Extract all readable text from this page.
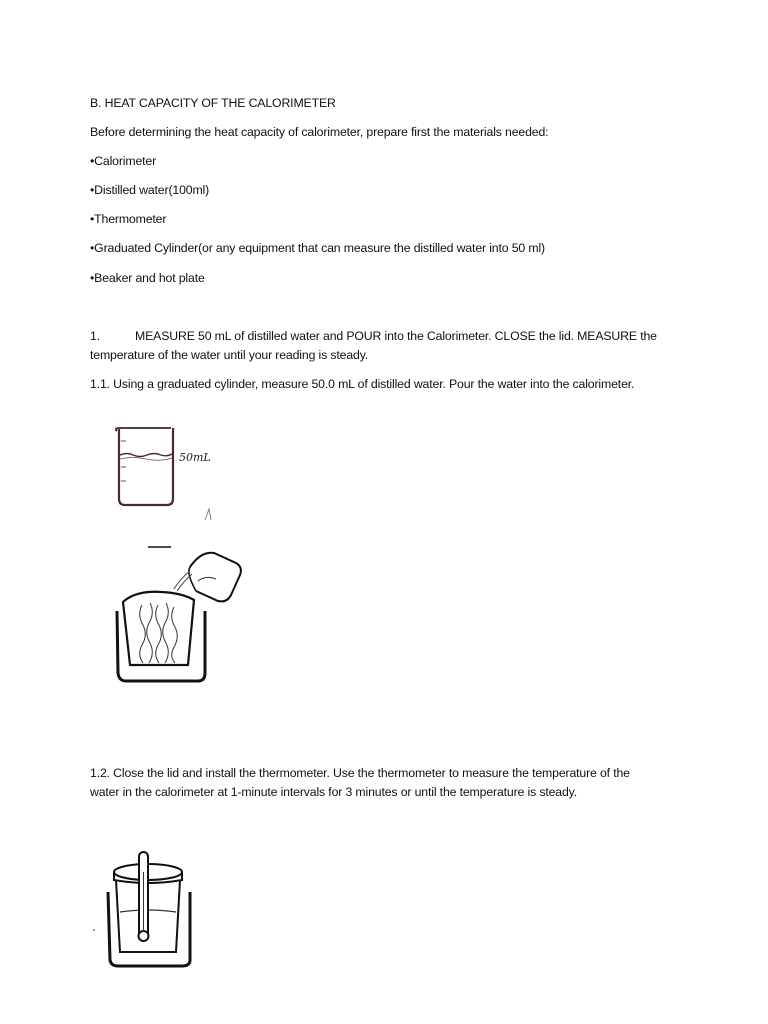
B. HEAT CAPACITY OF THE CALORIMETER
Before determining the heat capacity of calorimeter, prepare first the materials needed:
•Calorimeter
•Distilled water(100ml)
•Thermometer
•Graduated Cylinder(or any equipment that can measure the distilled water into 50 ml)
•Beaker and hot plate
1.	MEASURE 50 mL of distilled water and POUR into the Calorimeter. CLOSE the lid. MEASURE the
temperature of the water until your reading is steady.
1.1. Using a graduated cylinder, measure 50.0 mL of distilled water. Pour the water into the calorimeter.
50mL
1.2. Close the lid and install the thermometer. Use the thermometer to measure the temperature of the
water in the calorimeter at 1-minute intervals for 3 minutes or until the temperature is steady.
